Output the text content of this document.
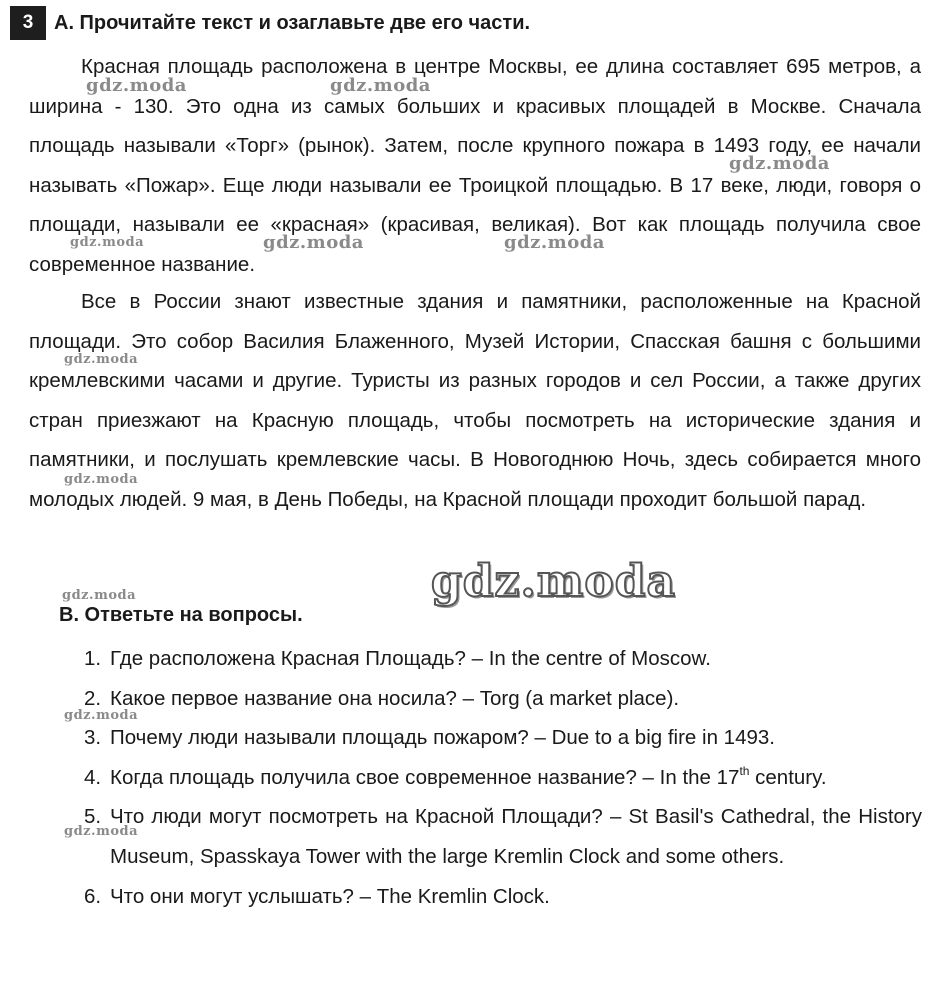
3	А. Прочитайте текст и озаглавьте две его части.

Красная площадь расположена в центре Москвы, ее длина составляет 695 метров, а ширина - 130. Это одна из самых больших и красивых площадей в Москве. Сначала площадь называли «Торг» (рынок). Затем, после крупного пожара в 1493 году, ее начали называть «Пожар». Еще люди называли ее Троицкой площадью. В 17 веке, люди, говоря о площади, называли ее «красная» (красивая, великая). Вот как площадь получила свое современное название.

Все в России знают известные здания и памятники, расположенные на Красной площади. Это собор Василия Блаженного, Музей Истории, Спасская башня с большими кремлевскими часами и другие. Туристы из разных городов и сел России, а также других стран приезжают на Красную площадь, чтобы посмотреть на исторические здания и памятники, и послушать кремлевские часы. В Новогоднюю Ночь, здесь собирается много молодых людей. 9 мая, в День Победы, на Красной площади проходит большой парад.

B. Ответьте на вопросы.

1. Где расположена Красная Площадь? – In the centre of Moscow.
2. Какое первое название она носила? – Torg (a market place).
3. Почему люди называли площадь пожаром? – Due to a big fire in 1493.
4. Когда площадь получила свое современное название? – In the 17th century.
5. Что люди могут посмотреть на Красной Площади? – St Basil's Cathedral, the History Museum, Spasskaya Tower with the large Kremlin Clock and some others.
6. Что они могут услышать? – The Kremlin Clock.
gdz.moda	gdz.moda
gdz.moda
gdz.moda	gdz.moda	gdz.moda
gdz.moda
gdz.moda
gdz.moda
gdz.moda
gdz.moda
gdz.moda
